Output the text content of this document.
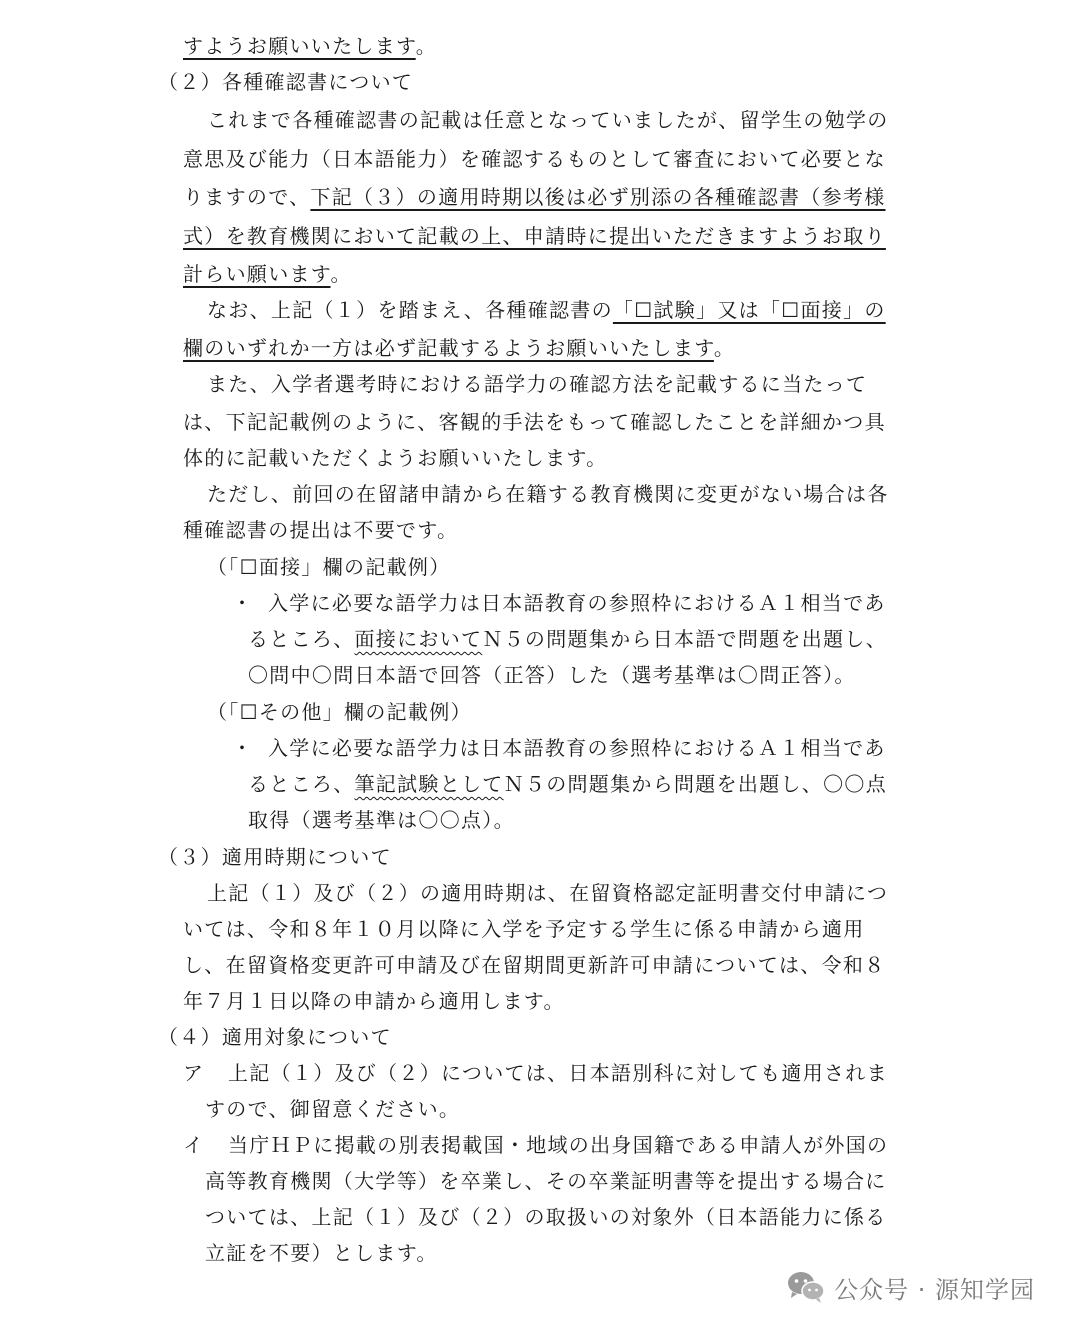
すようお願いいたします。
（２）各種確認書について
これまで各種確認書の記載は任意となっていましたが、留学生の勉学の
意思及び能力（日本語能力）を確認するものとして審査において必要とな
りますので、下記（３）の適用時期以後は必ず別添の各種確認書（参考様
式）を教育機関において記載の上、申請時に提出いただきますようお取り
計らい願います。
なお、上記（１）を踏まえ、各種確認書の「☐試験」又は「☐面接」の
欄のいずれか一方は必ず記載するようお願いいたします。
また、入学者選考時における語学力の確認方法を記載するに当たって
は、下記記載例のように、客観的手法をもって確認したことを詳細かつ具
体的に記載いただくようお願いいたします。
ただし、前回の在留諸申請から在籍する教育機関に変更がない場合は各
種確認書の提出は不要です。
（「☐面接」欄の記載例）
・ 入学に必要な語学力は日本語教育の参照枠におけるＡ１相当であ
るところ、面接においてＮ５の問題集から日本語で問題を出題し、
〇問中〇問日本語で回答（正答）した（選考基準は〇問正答）。
（「☐その他」欄の記載例）
・ 入学に必要な語学力は日本語教育の参照枠におけるＡ１相当であ
るところ、筆記試験としてＮ５の問題集から問題を出題し、〇〇点
取得（選考基準は〇〇点）。
（３）適用時期について
上記（１）及び（２）の適用時期は、在留資格認定証明書交付申請につ
いては、令和８年１０月以降に入学を予定する学生に係る申請から適用
し、在留資格変更許可申請及び在留期間更新許可申請については、令和８
年７月１日以降の申請から適用します。
（４）適用対象について
ア 上記（１）及び（２）については、日本語別科に対しても適用されま
すので、御留意ください。
イ 当庁ＨＰに掲載の別表掲載国・地域の出身国籍である申請人が外国の
高等教育機関（大学等）を卒業し、その卒業証明書等を提出する場合に
ついては、上記（１）及び（２）の取扱いの対象外（日本語能力に係る
立証を不要）とします。
公众号 · 源知学园
